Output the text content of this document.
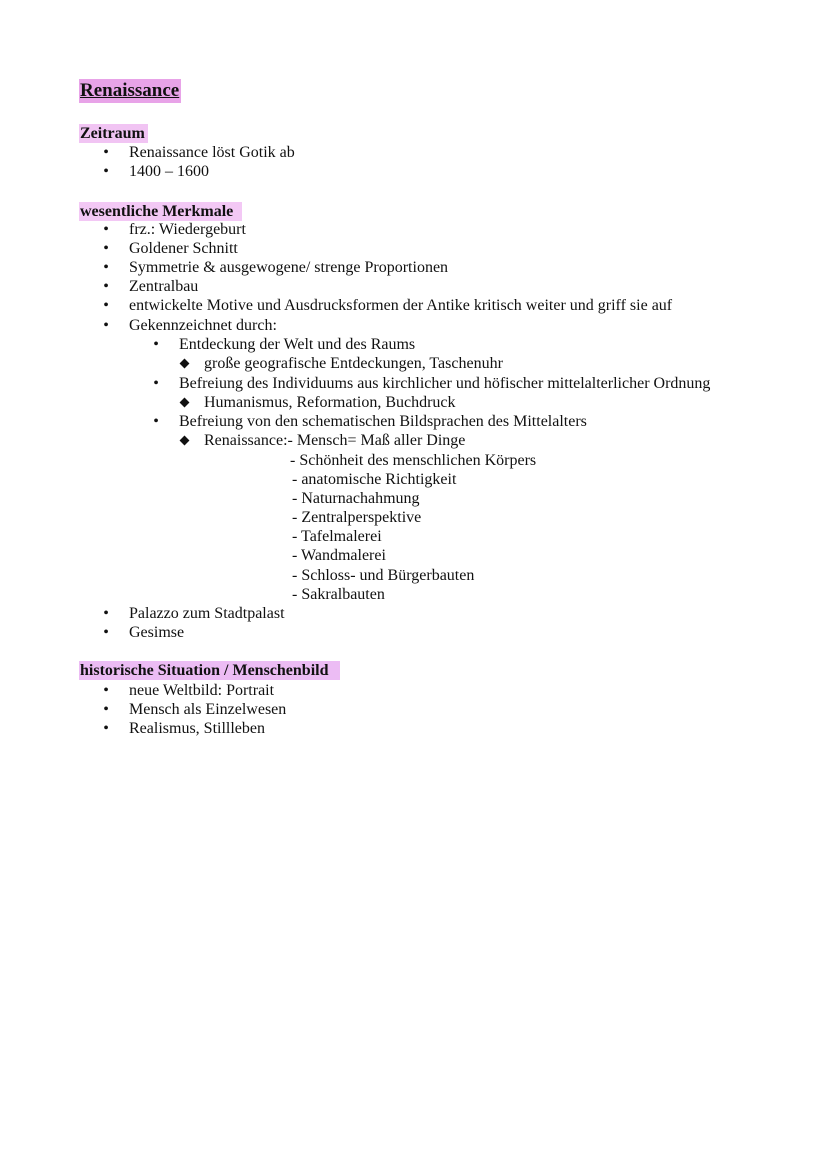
Renaissance
Zeitraum
• Renaissance löst Gotik ab
• 1400 – 1600
wesentliche Merkmale
• frz.: Wiedergeburt
• Goldener Schnitt
• Symmetrie & ausgewogene/ strenge Proportionen
• Zentralbau
• entwickelte Motive und Ausdrucksformen der Antike kritisch weiter und griff sie auf
• Gekennzeichnet durch:
• Entdeckung der Welt und des Raums
große geografische Entdeckungen, Taschenuhr
• Befreiung des Individuums aus kirchlicher und höfischer mittelalterlicher Ordnung
Humanismus, Reformation, Buchdruck
• Befreiung von den schematischen Bildsprachen des Mittelalters
Renaissance:- Mensch= Maß aller Dinge
- Schönheit des menschlichen Körpers
- anatomische Richtigkeit
- Naturnachahmung
- Zentralperspektive
- Tafelmalerei
- Wandmalerei
- Schloss- und Bürgerbauten
- Sakralbauten
• Palazzo zum Stadtpalast
• Gesimse
historische Situation / Menschenbild
• neue Weltbild: Portrait
• Mensch als Einzelwesen
• Realismus, Stillleben
